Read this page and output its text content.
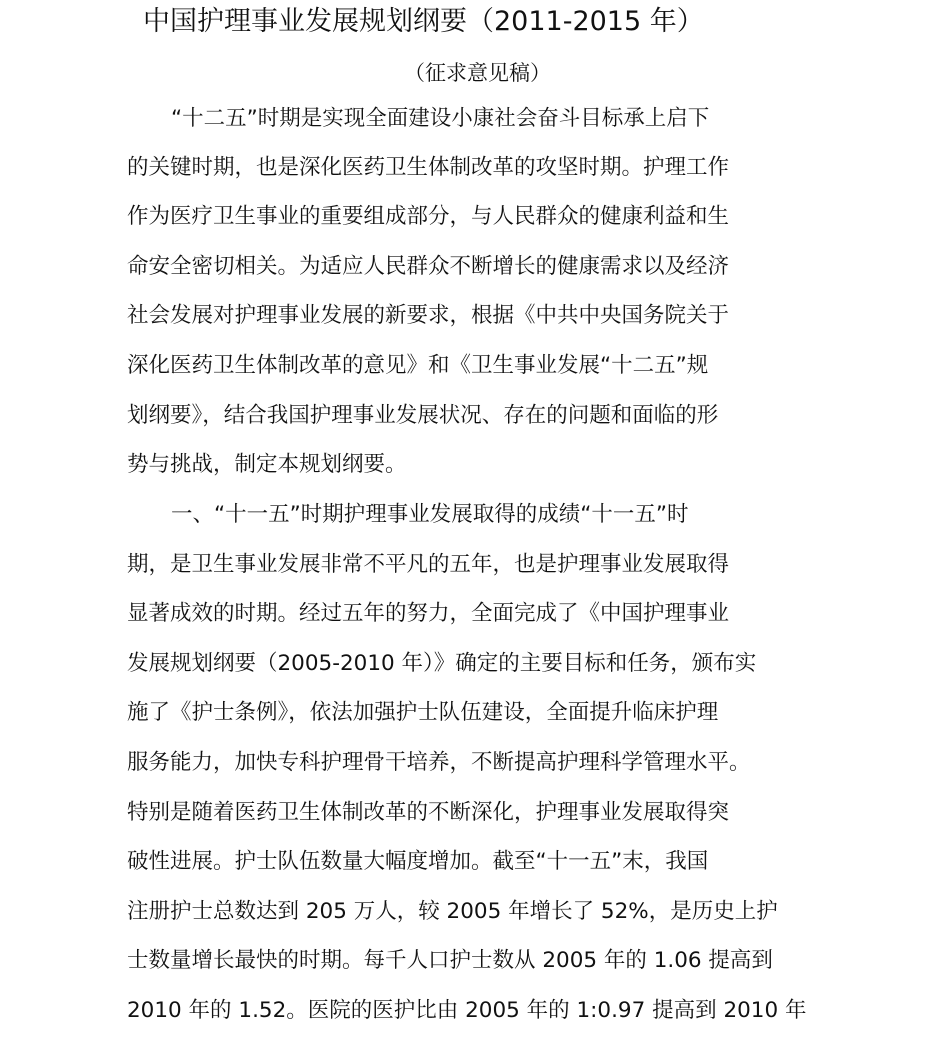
中国护理事业发展规划纲要（2011-2015 年）
（征求意见稿）

“十二五”时期是实现全面建设小康社会奋斗目标承上启下

的关键时期，也是深化医药卫生体制改革的攻坚时期。护理工作

作为医疗卫生事业的重要组成部分，与人民群众的健康利益和生

命安全密切相关。为适应人民群众不断增长的健康需求以及经济

社会发展对护理事业发展的新要求，根据《中共中央国务院关于

深化医药卫生体制改革的意见》和《卫生事业发展“十二五”规

划纲要》，结合我国护理事业发展状况、存在的问题和面临的形

势与挑战，制定本规划纲要。

一、“十一五”时期护理事业发展取得的成绩“十一五”时

期，是卫生事业发展非常不平凡的五年，也是护理事业发展取得

显著成效的时期。经过五年的努力，全面完成了《中国护理事业

发展规划纲要（2005-2010 年）》确定的主要目标和任务，颁布实

施了《护士条例》，依法加强护士队伍建设，全面提升临床护理

服务能力，加快专科护理骨干培养，不断提高护理科学管理水平。

特别是随着医药卫生体制改革的不断深化，护理事业发展取得突

破性进展。护士队伍数量大幅度增加。截至“十一五”末，我国

注册护士总数达到 205 万人，较 2005 年增长了 52%，是历史上护

士数量增长最快的时期。每千人口护士数从 2005 年的 1.06 提高到

2010 年的 1.52。医院的医护比由 2005 年的 1:0.97 提高到 2010 年
